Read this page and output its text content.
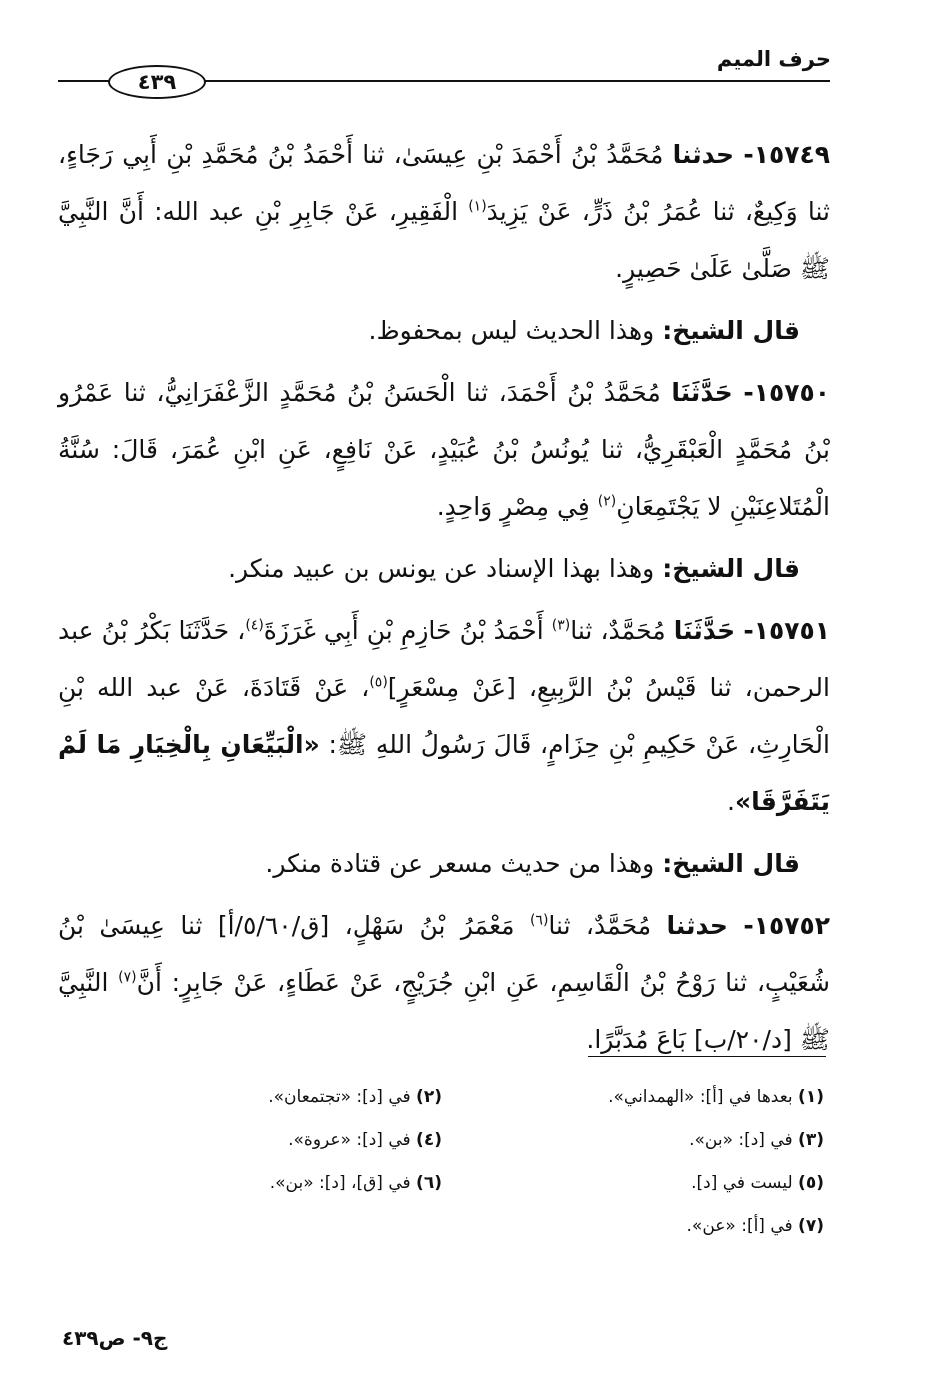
حرف الميم
٤٣٩

١٥٧٤٩- حدثنا مُحَمَّدُ بْنُ أَحْمَدَ بْنِ عِيسَىٰ، ثنا أَحْمَدُ بْنُ مُحَمَّدِ بْنِ أَبِي رَجَاءٍ، ثنا وَكِيعٌ، ثنا عُمَرُ بْنُ ذَرٍّ، عَنْ يَزِيدَ$^{(١)}$ الْفَقِيرِ، عَنْ جَابِرِ بْنِ عبد الله: أَنَّ النَّبِيَّ ﷺ صَلَّىٰ عَلَىٰ حَصِيرٍ.

قال الشيخ: وهذا الحديث ليس بمحفوظ.

١٥٧٥٠- حَدَّثَنَا مُحَمَّدُ بْنُ أَحْمَدَ، ثنا الْحَسَنُ بْنُ مُحَمَّدٍ الزَّعْفَرَانِيُّ، ثنا عَمْرُو بْنُ مُحَمَّدٍ الْعَبْقَرِيُّ، ثنا يُونُسُ بْنُ عُبَيْدٍ، عَنْ نَافِعٍ، عَنِ ابْنِ عُمَرَ، قَالَ: سُنَّةُ الْمُتَلاعِنَيْنِ لا يَجْتَمِعَانِ$^{(٢)}$ فِي مِصْرٍ وَاحِدٍ.

قال الشيخ: وهذا بهذا الإسناد عن يونس بن عبيد منكر.

١٥٧٥١- حَدَّثَنَا مُحَمَّدٌ، ثنا$^{(٣)}$ أَحْمَدُ بْنُ حَازِمِ بْنِ أَبِي غَرَزَةَ$^{(٤)}$، حَدَّثَنَا بَكْرُ بْنُ عبد الرحمن، ثنا قَيْسُ بْنُ الرَّبِيعِ، [عَنْ مِسْعَرٍ]$^{(٥)}$، عَنْ قَتَادَةَ، عَنْ عبد الله بْنِ الْحَارِثِ، عَنْ حَكِيمِ بْنِ حِزَامٍ، قَالَ رَسُولُ اللهِ ﷺ: «الْبَيِّعَانِ بِالْخِيَارِ مَا لَمْ يَتَفَرَّقَا».

قال الشيخ: وهذا من حديث مسعر عن قتادة منكر.

١٥٧٥٢- حدثنا مُحَمَّدٌ، ثنا$^{(٦)}$ مَعْمَرُ بْنُ سَهْلٍ، [ق/٥/٦٠/أ] ثنا عِيسَىٰ بْنُ شُعَيْبٍ، ثنا رَوْحُ بْنُ الْقَاسِمِ، عَنِ ابْنِ جُرَيْجٍ، عَنْ عَطَاءٍ، عَنْ جَابِرٍ: أَنَّ$^{(٧)}$ النَّبِيَّ ﷺ [د/٢٠/ب] بَاعَ مُدَبَّرًا.

(١) بعدها في [أ]: «الهمداني».
(٢) في [د]: «تجتمعان».
(٣) في [د]: «بن».
(٤) في [د]: «عروة».
(٥) ليست في [د].
(٦) في [ق]، [د]: «بن».
(٧) في [أ]: «عن».
ج٩- ص٤٣٩
